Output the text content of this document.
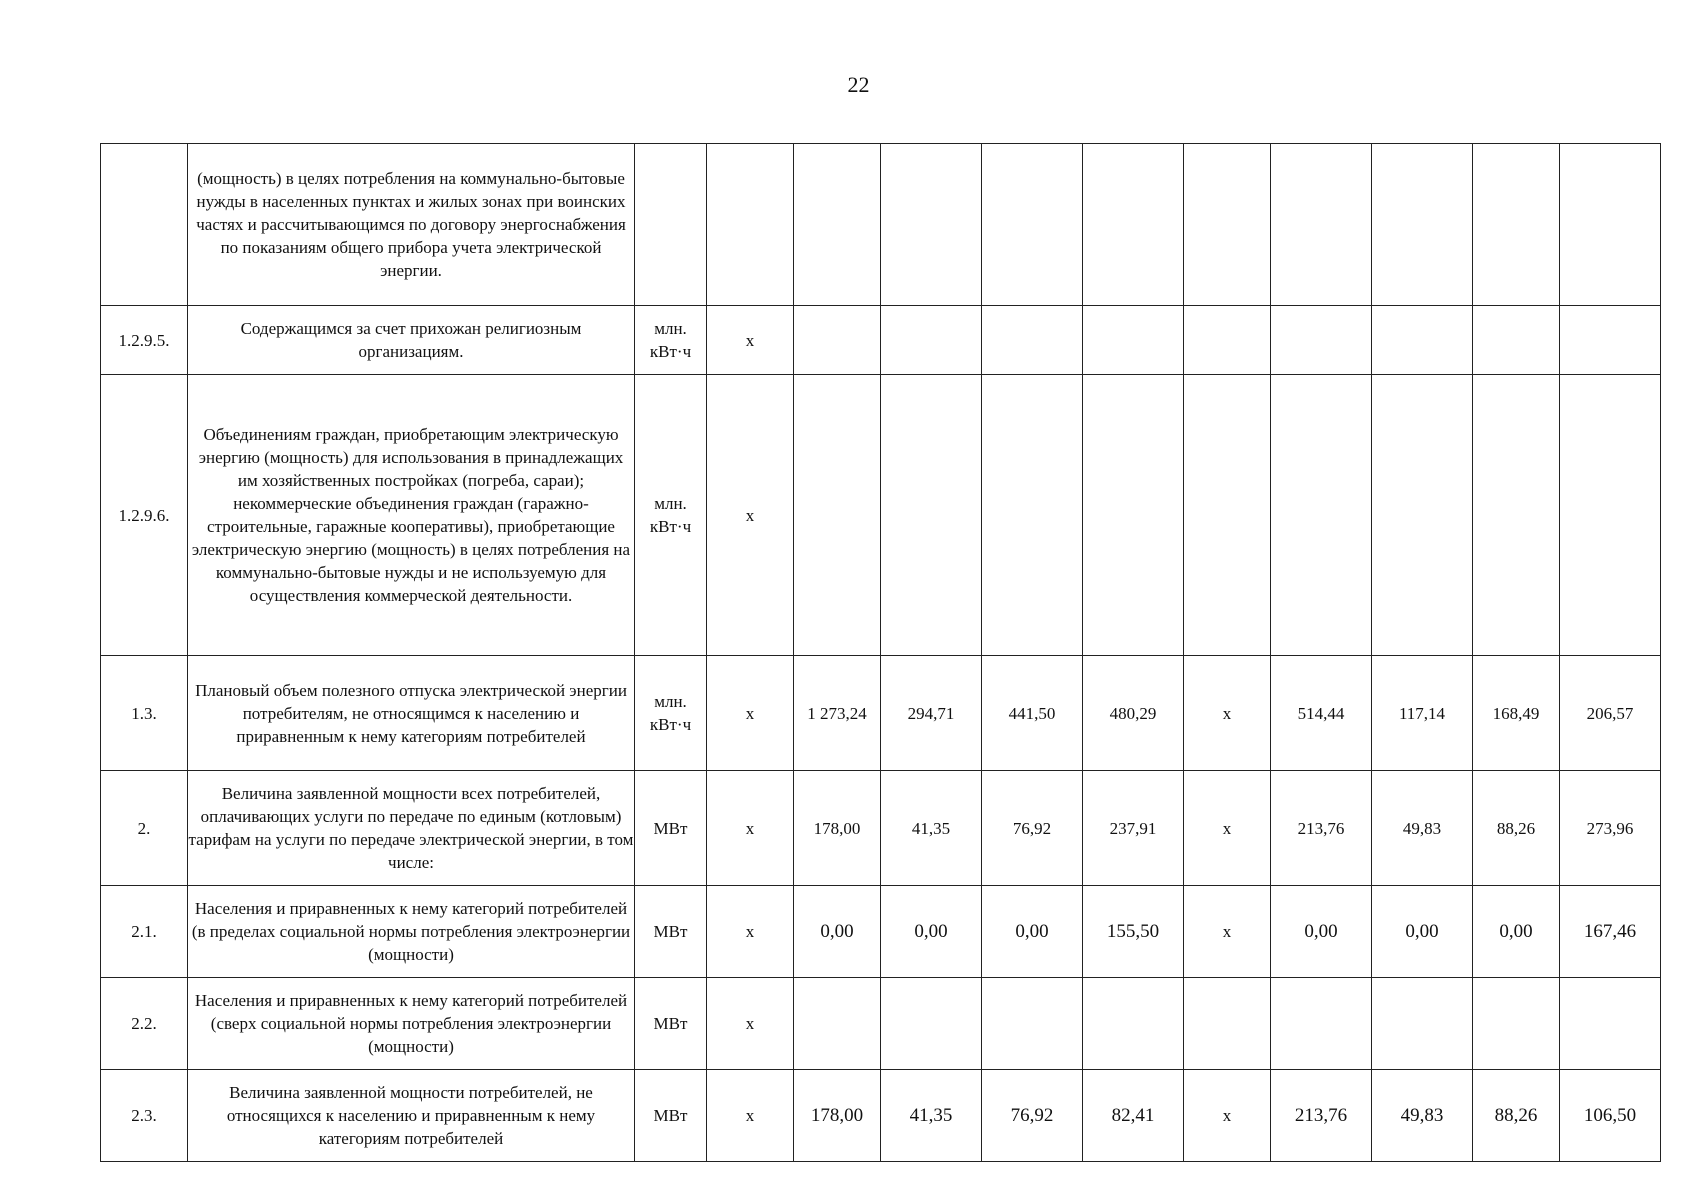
22
	(мощность) в целях потребления на коммунально-бытовые нужды в населенных пунктах и жилых зонах при воинских частях и рассчитывающимся по договору энергоснабжения по показаниям общего прибора учета электрической энергии.											
1.2.9.5.	Содержащимся за счет прихожан религиозным организациям.	млн. кВт·ч	х									
1.2.9.6.	Объединениям граждан, приобретающим электрическую энергию (мощность) для использования в принадлежащих им хозяйственных постройках (погреба, сараи); некоммерческие объединения граждан (гаражно-строительные, гаражные кооперативы), приобретающие электрическую энергию (мощность) в целях потребления на коммунально-бытовые нужды и не используемую для осуществления коммерческой деятельности.	млн. кВт·ч	х									
1.3.	Плановый объем полезного отпуска электрической энергии потребителям, не относящимся к населению и приравненным к нему категориям потребителей	млн. кВт·ч	х	1 273,24	294,71	441,50	480,29	х	514,44	117,14	168,49	206,57
2.	Величина заявленной мощности всех потребителей, оплачивающих услуги по передаче по единым (котловым) тарифам на услуги по передаче электрической энергии, в том числе:	МВт	х	178,00	41,35	76,92	237,91	х	213,76	49,83	88,26	273,96
2.1.	Населения и приравненных к нему категорий потребителей (в пределах социальной нормы потребления электроэнергии (мощности)	МВт	х	0,00	0,00	0,00	155,50	х	0,00	0,00	0,00	167,46
2.2.	Населения и приравненных к нему категорий потребителей (сверх социальной нормы потребления электроэнергии (мощности)	МВт	х									
2.3.	Величина заявленной мощности потребителей, не относящихся к населению и приравненным к нему категориям потребителей	МВт	х	178,00	41,35	76,92	82,41	х	213,76	49,83	88,26	106,50
